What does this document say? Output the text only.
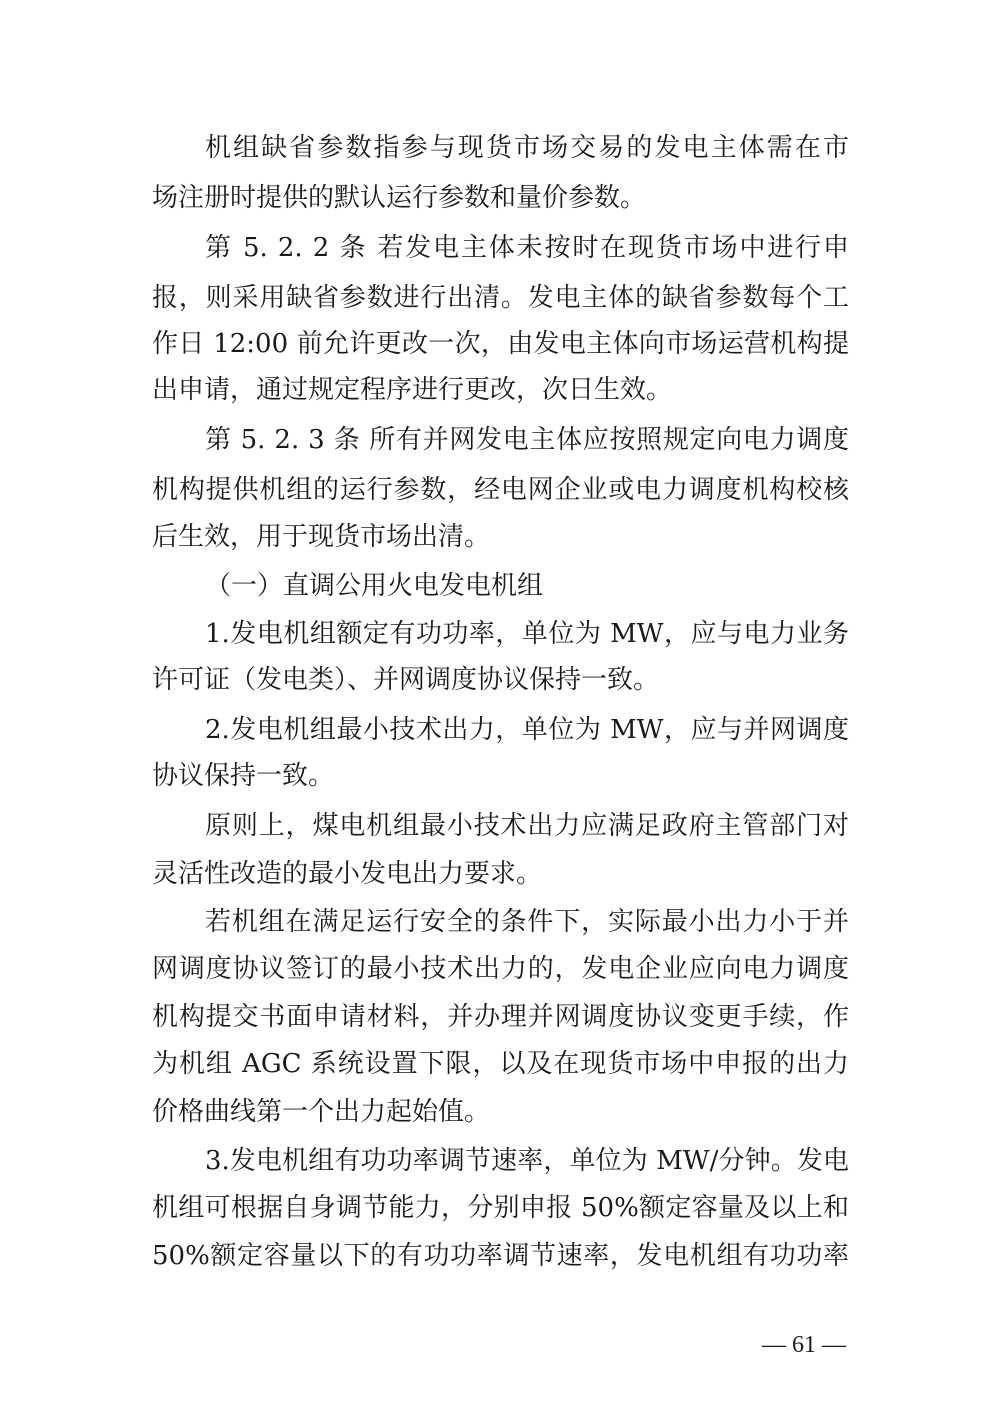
机组缺省参数指参与现货市场交易的发电主体需在市
场注册时提供的默认运行参数和量价参数。
第 5. 2. 2 条 若发电主体未按时在现货市场中进行申
报，则采用缺省参数进行出清。发电主体的缺省参数每个工
作日 12:00 前允许更改一次，由发电主体向市场运营机构提
出申请，通过规定程序进行更改，次日生效。
第 5. 2. 3 条 所有并网发电主体应按照规定向电力调度
机构提供机组的运行参数，经电网企业或电力调度机构校核
后生效，用于现货市场出清。
（一）直调公用火电发电机组
1.发电机组额定有功功率，单位为 MW，应与电力业务
许可证（发电类）、并网调度协议保持一致。
2.发电机组最小技术出力，单位为 MW，应与并网调度
协议保持一致。
原则上，煤电机组最小技术出力应满足政府主管部门对
灵活性改造的最小发电出力要求。
若机组在满足运行安全的条件下，实际最小出力小于并
网调度协议签订的最小技术出力的，发电企业应向电力调度
机构提交书面申请材料，并办理并网调度协议变更手续，作
为机组 AGC 系统设置下限，以及在现货市场中申报的出力
价格曲线第一个出力起始值。
3.发电机组有功功率调节速率，单位为 MW/分钟。发电
机组可根据自身调节能力，分别申报 50%额定容量及以上和
50%额定容量以下的有功功率调节速率，发电机组有功功率
— 61 —
